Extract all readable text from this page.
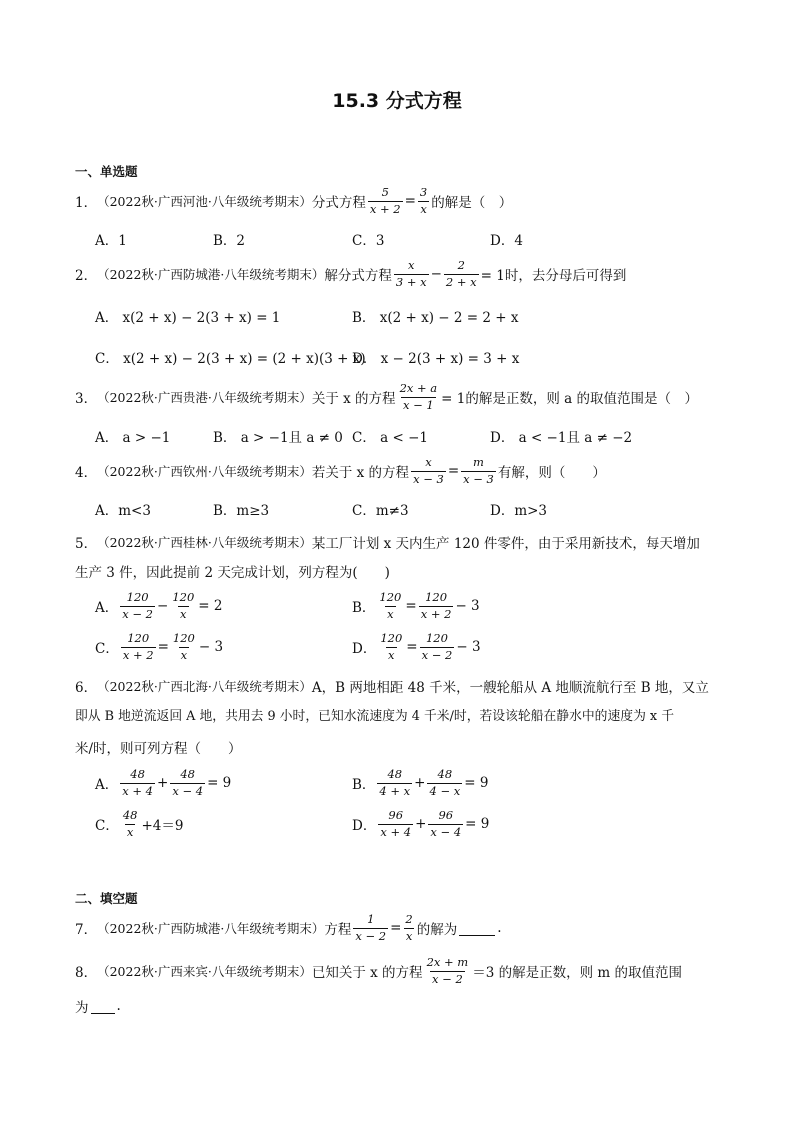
15.3 分式方程
一、单选题
1． （2022秋·广西河池·八年级统考期末） 分式方程 $\frac{5}{x + 2} = \frac{3}{x}$ 的解是（　）
A．1	B．2	C．3	D．4
2． （2022秋·广西防城港·八年级统考期末） 解分式方程 $\frac{x}{3 + x} - \frac{2}{2 + x} = 1$时，去分母后可得到
A． x(2 + x) − 2(3 + x) = 1	B． x(2 + x) − 2 = 2 + x
C． x(2 + x) − 2(3 + x) = (2 + x)(3 + x)
D． x − 2(3 + x) = 3 + x
3． （2022秋·广西贵港·八年级统考期末） 关于 x 的方程 $\frac{2x + a}{x - 1} = 1$的解是正数，则 a 的取值范围是（　）
A． a > −1	B． a > −1且 a ≠ 0 C． a < −1	D． a < −1且 a ≠ −2
4． （2022秋·广西钦州·八年级统考期末） 若关于 x 的方程 $\frac{x}{x - 3} = \frac{m}{x - 3}$ 有解，则（　　）
A．m<3	B．m≥3	C．m≠3	D．m>3
5． （2022秋·广西桂林·八年级统考期末） 某工厂计划 x 天内生产 120 件零件，由于采用新技术，每天增加
生产 3 件，因此提前 2 天完成计划，列方程为(　　)
A． $\frac{120}{x - 2} - \frac{120}{x} = 2$	B． $\frac{120}{x} = \frac{120}{x + 2} - 3$
C． $\frac{120}{x + 2} = \frac{120}{x} - 3$	D． $\frac{120}{x} = \frac{120}{x - 2} - 3$
6． （2022秋·广西北海·八年级统考期末） A，B 两地相距 48 千米，一艘轮船从 A 地顺流航行至 B 地，又立
即从 B 地逆流返回 A 地，共用去 9 小时，已知水流速度为 4 千米/时，若设该轮船在静水中的速度为 x 千
米/时，则可列方程（　　）
A． $\frac{48}{x + 4} + \frac{48}{x - 4} = 9$	B． $\frac{48}{4 + x} + \frac{48}{4 - x} = 9$
C． $\frac{48}{x} +4=9$	D． $\frac{96}{x + 4} + \frac{96}{x - 4} = 9$
二、填空题
7． （2022秋·广西防城港·八年级统考期末） 方程 $\frac{1}{x - 2} = \frac{2}{x}$ 的解为	.
8． （2022秋·广西来宾·八年级统考期末） 已知关于 x 的方程 $\frac{2x + m}{x - 2} =3$ 的解是正数，则 m 的取值范围
为 .
